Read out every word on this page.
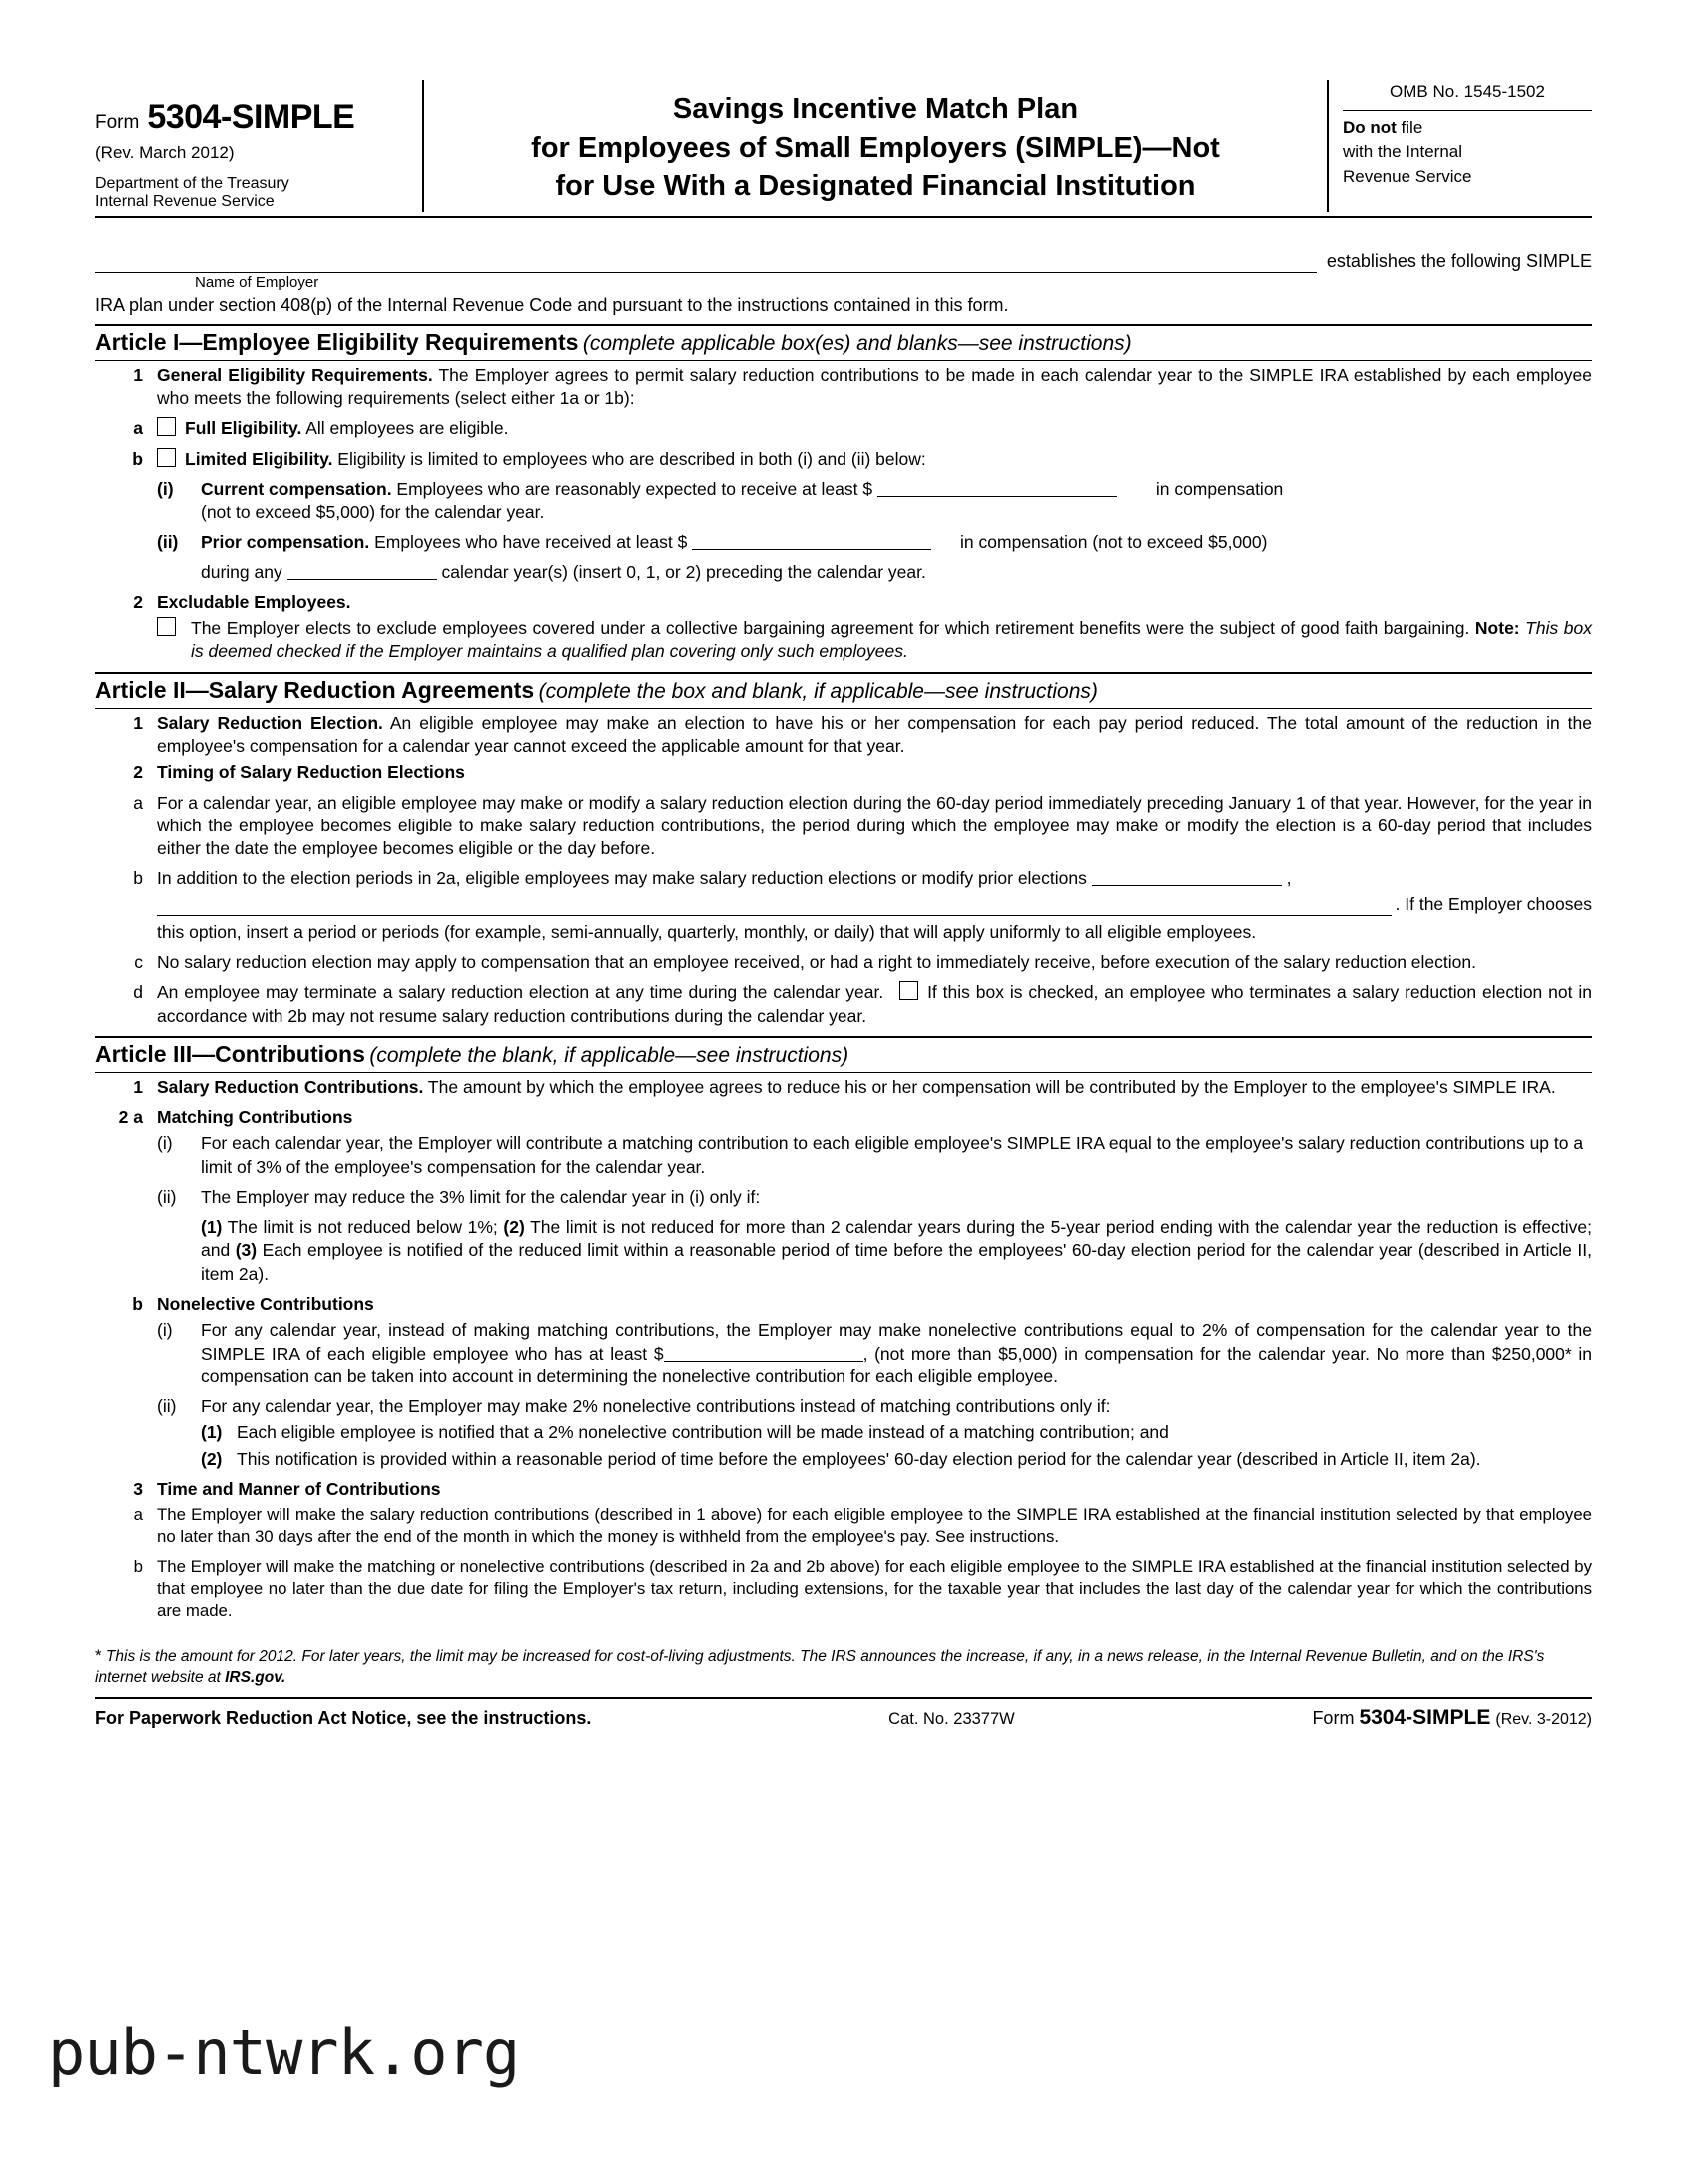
Form 5304-SIMPLE
(Rev. March 2012)
Department of the Treasury
Internal Revenue Service
Savings Incentive Match Plan
for Employees of Small Employers (SIMPLE)—Not
for Use With a Designated Financial Institution
OMB No. 1545-1502
Do not file
with the Internal
Revenue Service
establishes the following SIMPLE
Name of Employer
IRA plan under section 408(p) of the Internal Revenue Code and pursuant to the instructions contained in this form.
Article I—Employee Eligibility Requirements (complete applicable box(es) and blanks—see instructions)
1 General Eligibility Requirements. The Employer agrees to permit salary reduction contributions to be made in each calendar year to the SIMPLE IRA established by each employee who meets the following requirements (select either 1a or 1b):
a	Full Eligibility. All employees are eligible.
b	Limited Eligibility. Eligibility is limited to employees who are described in both (i) and (ii) below:
(i)	Current compensation. Employees who are reasonably expected to receive at least $	in compensation
(not to exceed $5,000) for the calendar year.
(ii)	Prior compensation. Employees who have received at least $	in compensation (not to exceed $5,000)
during any	calendar year(s) (insert 0, 1, or 2) preceding the calendar year.
2 Excludable Employees.
The Employer elects to exclude employees covered under a collective bargaining agreement for which retirement benefits were the subject of good faith bargaining. Note: This box is deemed checked if the Employer maintains a qualified plan covering only such employees.
Article II—Salary Reduction Agreements (complete the box and blank, if applicable—see instructions)
1 Salary Reduction Election. An eligible employee may make an election to have his or her compensation for each pay period reduced. The total amount of the reduction in the employee's compensation for a calendar year cannot exceed the applicable amount for that year.
2 Timing of Salary Reduction Elections
a For a calendar year, an eligible employee may make or modify a salary reduction election during the 60-day period immediately preceding January 1 of that year. However, for the year in which the employee becomes eligible to make salary reduction contributions, the period during which the employee may make or modify the election is a 60-day period that includes either the date the employee becomes eligible or the day before.
b In addition to the election periods in 2a, eligible employees may make salary reduction elections or modify prior elections	,
. If the Employer chooses
this option, insert a period or periods (for example, semi-annually, quarterly, monthly, or daily) that will apply uniformly to all eligible employees.
c No salary reduction election may apply to compensation that an employee received, or had a right to immediately receive, before execution of the salary reduction election.
d An employee may terminate a salary reduction election at any time during the calendar year.	If this box is checked, an employee who terminates a salary reduction election not in accordance with 2b may not resume salary reduction contributions during the calendar year.
Article III—Contributions (complete the blank, if applicable—see instructions)
1 Salary Reduction Contributions. The amount by which the employee agrees to reduce his or her compensation will be contributed by the Employer to the employee's SIMPLE IRA.
2 a Matching Contributions
(i)	For each calendar year, the Employer will contribute a matching contribution to each eligible employee's SIMPLE IRA equal to the employee's salary reduction contributions up to a limit of 3% of the employee's compensation for the calendar year.
(ii)	The Employer may reduce the 3% limit for the calendar year in (i) only if:
(1) The limit is not reduced below 1%; (2) The limit is not reduced for more than 2 calendar years during the 5-year period ending with the calendar year the reduction is effective; and (3) Each employee is notified of the reduced limit within a reasonable period of time before the employees' 60-day election period for the calendar year (described in Article II, item 2a).
b Nonelective Contributions
(i)	For any calendar year, instead of making matching contributions, the Employer may make nonelective contributions equal to 2% of compensation for the calendar year to the SIMPLE IRA of each eligible employee who has at least $	, (not more than $5,000) in compensation for the calendar year. No more than $250,000* in compensation can be taken into account in determining the nonelective contribution for each eligible employee.
(ii)	For any calendar year, the Employer may make 2% nonelective contributions instead of matching contributions only if:
(1) Each eligible employee is notified that a 2% nonelective contribution will be made instead of a matching contribution; and
(2) This notification is provided within a reasonable period of time before the employees' 60-day election period for the calendar year (described in Article II, item 2a).
3 Time and Manner of Contributions
a The Employer will make the salary reduction contributions (described in 1 above) for each eligible employee to the SIMPLE IRA established at the financial institution selected by that employee no later than 30 days after the end of the month in which the money is withheld from the employee's pay. See instructions.
b The Employer will make the matching or nonelective contributions (described in 2a and 2b above) for each eligible employee to the SIMPLE IRA established at the financial institution selected by that employee no later than the due date for filing the Employer's tax return, including extensions, for the taxable year that includes the last day of the calendar year for which the contributions are made.
* This is the amount for 2012. For later years, the limit may be increased for cost-of-living adjustments. The IRS announces the increase, if any, in a news release, in the Internal Revenue Bulletin, and on the IRS's internet website at IRS.gov.
For Paperwork Reduction Act Notice, see the instructions.	Cat. No. 23377W	Form 5304-SIMPLE (Rev. 3-2012)
pub-ntwrk.org
